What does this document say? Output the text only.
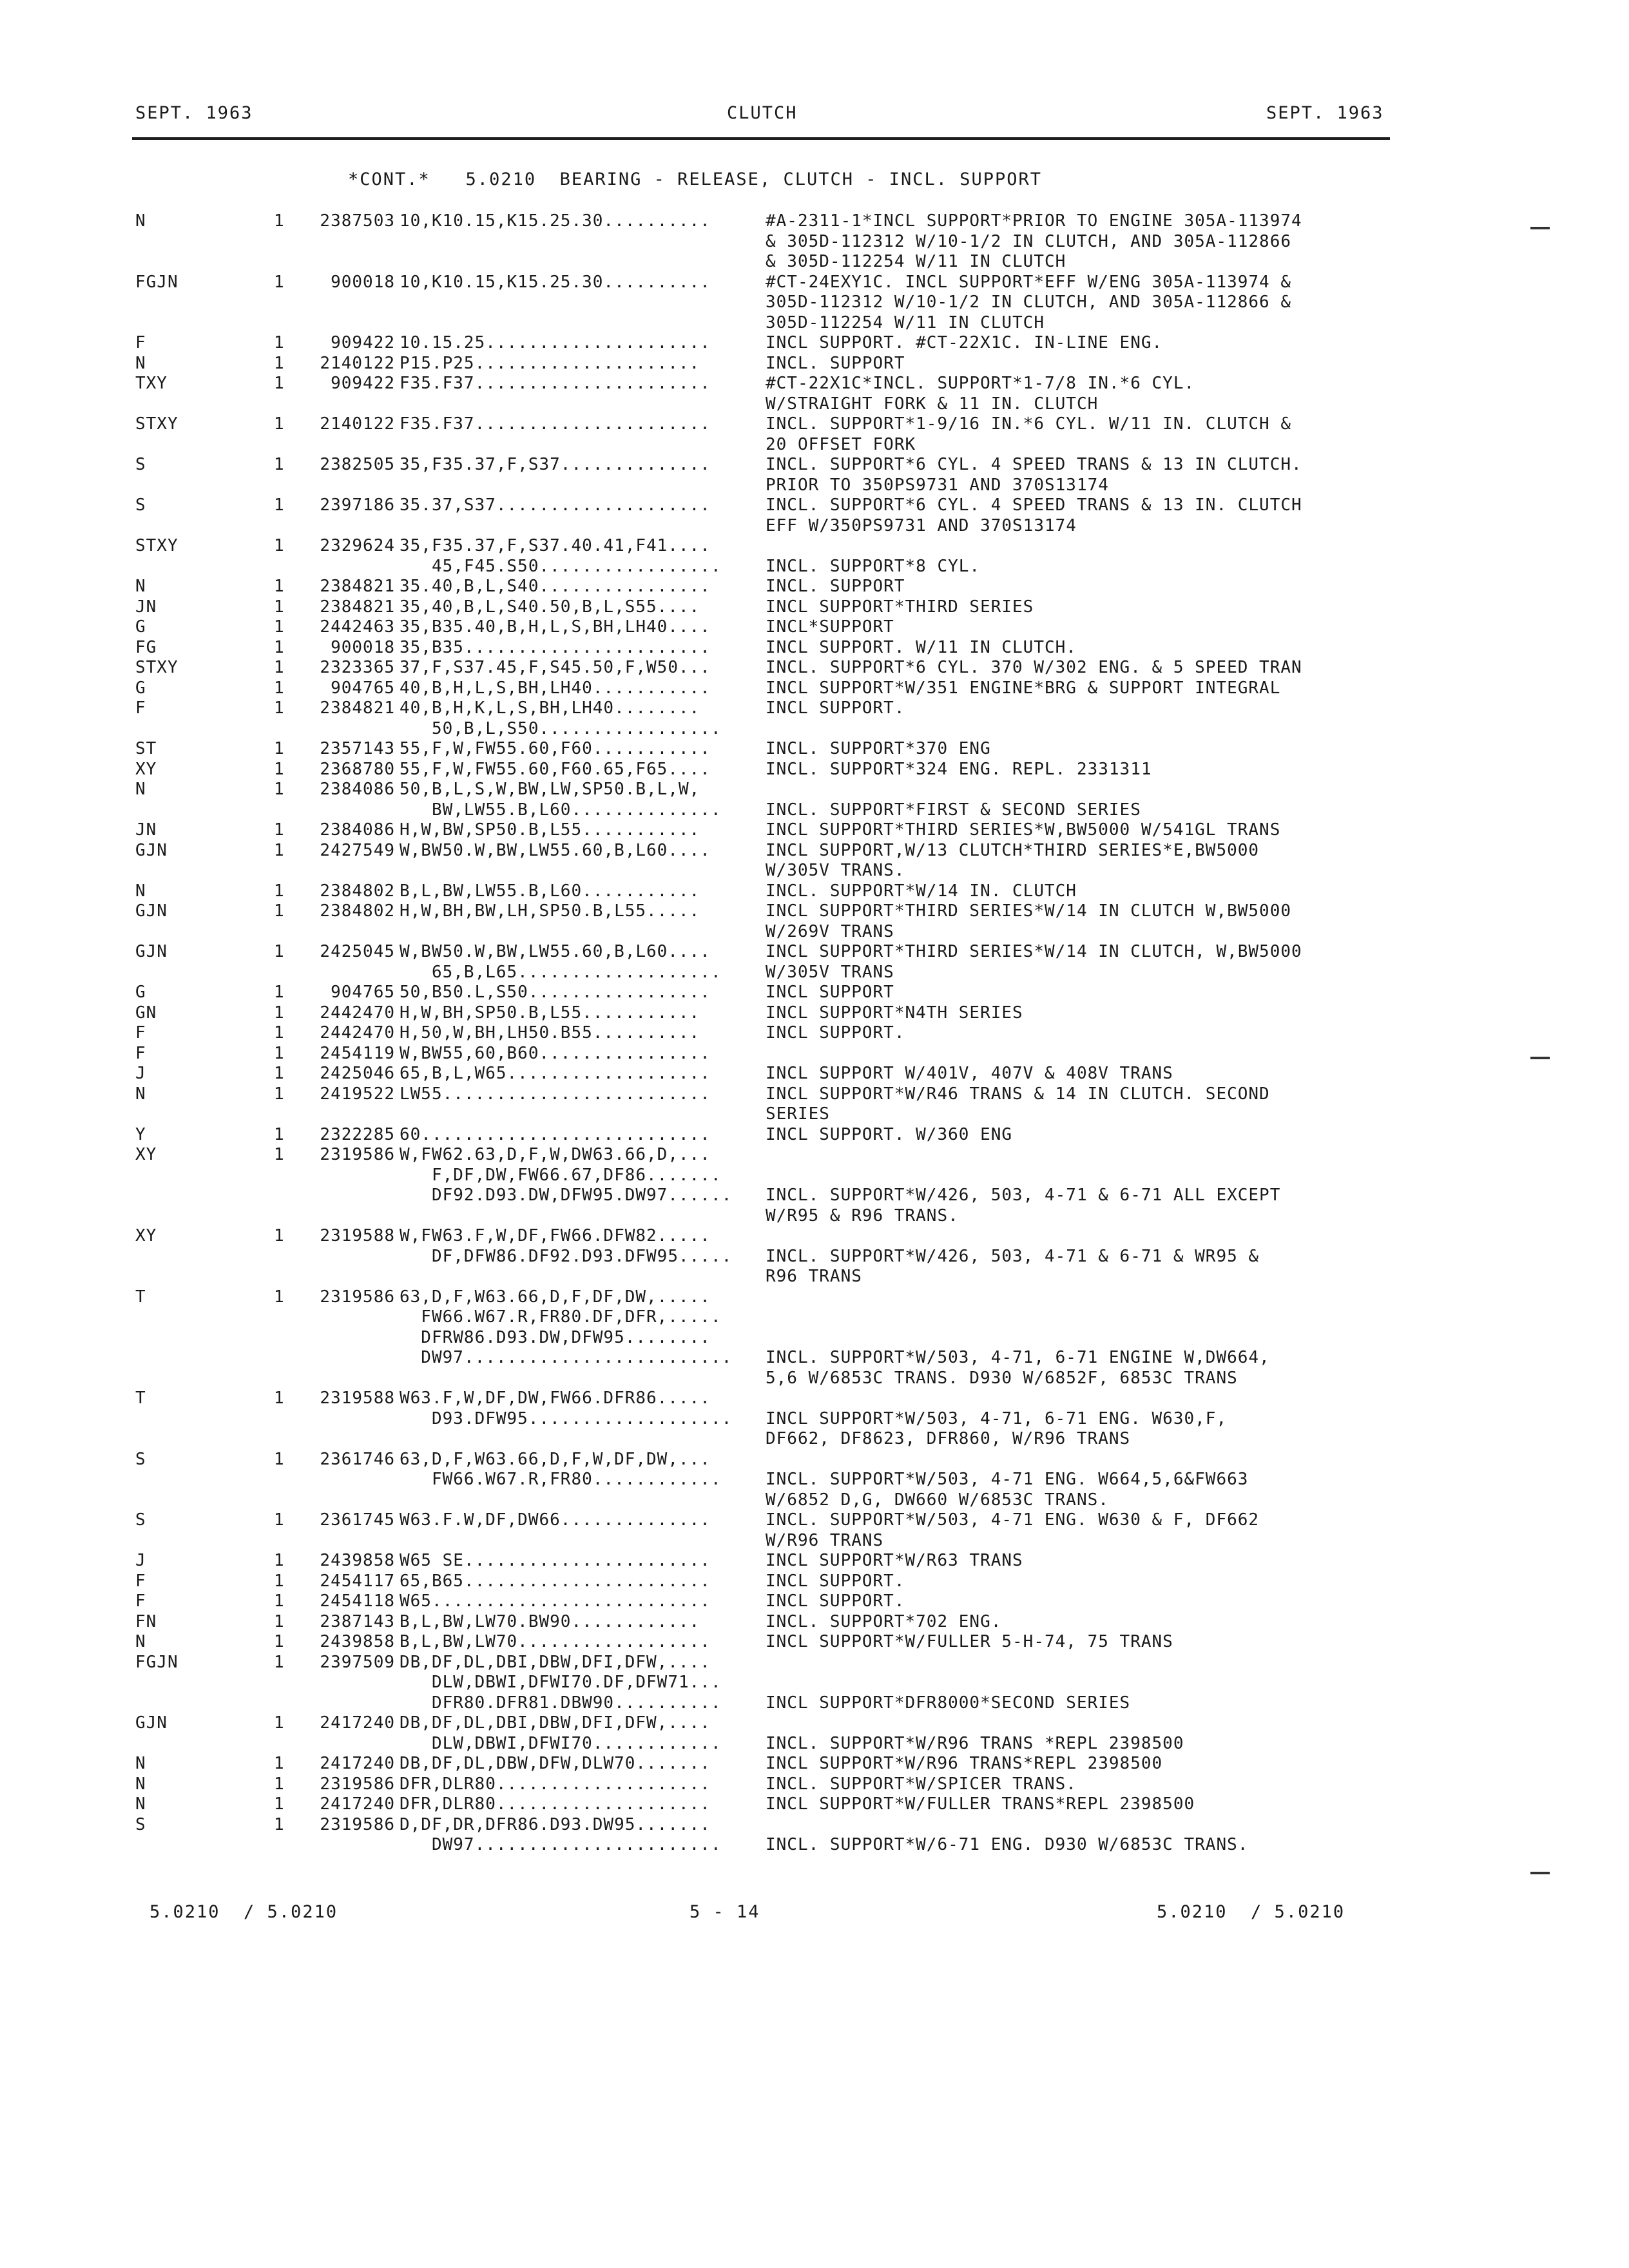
SEPT. 1963	CLUTCH	SEPT. 1963
*CONT.*   5.0210  BEARING - RELEASE, CLUTCH - INCL. SUPPORT
N	1	2387503 10,K10.15,K15.25.30..........	#A-2311-1*INCL SUPPORT*PRIOR TO ENGINE 305A-113974
& 305D-112312 W/10-1/2 IN CLUTCH, AND 305A-112866
& 305D-112254 W/11 IN CLUTCH
FGJN	1	900018 10,K10.15,K15.25.30..........	#CT-24EXY1C. INCL SUPPORT*EFF W/ENG 305A-113974 &
305D-112312 W/10-1/2 IN CLUTCH, AND 305A-112866 &
305D-112254 W/11 IN CLUTCH
F	1	909422 10.15.25.....................	INCL SUPPORT. #CT-22X1C. IN-LINE ENG.
N	1	2140122 P15.P25.....................	INCL. SUPPORT
TXY	1	909422 F35.F37......................	#CT-22X1C*INCL. SUPPORT*1-7/8 IN.*6 CYL.
W/STRAIGHT FORK & 11 IN. CLUTCH
STXY	1	2140122 F35.F37......................	INCL. SUPPORT*1-9/16 IN.*6 CYL. W/11 IN. CLUTCH &
20 OFFSET FORK
S	1	2382505 35,F35.37,F,S37..............	INCL. SUPPORT*6 CYL. 4 SPEED TRANS & 13 IN CLUTCH.
PRIOR TO 350PS9731 AND 370S13174
S	1	2397186 35.37,S37....................	INCL. SUPPORT*6 CYL. 4 SPEED TRANS & 13 IN. CLUTCH
EFF W/350PS9731 AND 370S13174
STXY	1	2329624 35,F35.37,F,S37.40.41,F41....
45,F45.S50.................	INCL. SUPPORT*8 CYL.
N	1	2384821 35.40,B,L,S40................	INCL. SUPPORT
JN	1	2384821 35,40,B,L,S40.50,B,L,S55....	INCL SUPPORT*THIRD SERIES
G	1	2442463 35,B35.40,B,H,L,S,BH,LH40....	INCL*SUPPORT
FG	1	900018 35,B35.......................	INCL SUPPORT. W/11 IN CLUTCH.
STXY	1	2323365 37,F,S37.45,F,S45.50,F,W50...	INCL. SUPPORT*6 CYL. 370 W/302 ENG. & 5 SPEED TRAN
G	1	904765 40,B,H,L,S,BH,LH40...........	INCL SUPPORT*W/351 ENGINE*BRG & SUPPORT INTEGRAL
F	1	2384821 40,B,H,K,L,S,BH,LH40........	INCL SUPPORT.
50,B,L,S50.................
ST	1	2357143 55,F,W,FW55.60,F60...........	INCL. SUPPORT*370 ENG
XY	1	2368780 55,F,W,FW55.60,F60.65,F65....	INCL. SUPPORT*324 ENG. REPL. 2331311
N	1	2384086 50,B,L,S,W,BW,LW,SP50.B,L,W,
BW,LW55.B,L60..............	INCL. SUPPORT*FIRST & SECOND SERIES
JN	1	2384086 H,W,BW,SP50.B,L55...........	INCL SUPPORT*THIRD SERIES*W,BW5000 W/541GL TRANS
GJN	1	2427549 W,BW50.W,BW,LW55.60,B,L60....	INCL SUPPORT,W/13 CLUTCH*THIRD SERIES*E,BW5000
W/305V TRANS.
N	1	2384802 B,L,BW,LW55.B,L60...........	INCL. SUPPORT*W/14 IN. CLUTCH
GJN	1	2384802 H,W,BH,BW,LH,SP50.B,L55.....	INCL SUPPORT*THIRD SERIES*W/14 IN CLUTCH W,BW5000
W/269V TRANS
GJN	1	2425045 W,BW50.W,BW,LW55.60,B,L60....	INCL SUPPORT*THIRD SERIES*W/14 IN CLUTCH, W,BW5000
65,B,L65...................	W/305V TRANS
G	1	904765 50,B50.L,S50.................	INCL SUPPORT
GN	1	2442470 H,W,BH,SP50.B,L55...........	INCL SUPPORT*N4TH SERIES
F	1	2442470 H,50,W,BH,LH50.B55..........	INCL SUPPORT.
F	1	2454119 W,BW55,60,B60................
J	1	2425046 65,B,L,W65...................	INCL SUPPORT W/401V, 407V & 408V TRANS
N	1	2419522 LW55.........................	INCL SUPPORT*W/R46 TRANS & 14 IN CLUTCH. SECOND
SERIES
Y	1	2322285 60...........................	INCL SUPPORT. W/360 ENG
XY	1	2319586 W,FW62.63,D,F,W,DW63.66,D,...
F,DF,DW,FW66.67,DF86.......
DF92.D93.DW,DFW95.DW97...... INCL. SUPPORT*W/426, 503, 4-71 & 6-71 ALL EXCEPT
W/R95 & R96 TRANS.
XY	1	2319588 W,FW63.F,W,DF,FW66.DFW82.....
DF,DFW86.DF92.D93.DFW95..... INCL. SUPPORT*W/426, 503, 4-71 & 6-71 & WR95 &
R96 TRANS
T	1	2319586 63,D,F,W63.66,D,F,DF,DW,.....
FW66.W67.R,FR80.DF,DFR,.....
DFRW86.D93.DW,DFW95........
DW97......................... INCL. SUPPORT*W/503, 4-71, 6-71 ENGINE W,DW664,
5,6 W/6853C TRANS. D930 W/6852F, 6853C TRANS
T	1	2319588 W63.F,W,DF,DW,FW66.DFR86.....
D93.DFW95................... INCL SUPPORT*W/503, 4-71, 6-71 ENG. W630,F,
DF662, DF8623, DFR860, W/R96 TRANS
S	1	2361746 63,D,F,W63.66,D,F,W,DF,DW,...
FW66.W67.R,FR80............	INCL. SUPPORT*W/503, 4-71 ENG. W664,5,6&FW663
W/6852 D,G, DW660 W/6853C TRANS.
S	1	2361745 W63.F.W,DF,DW66..............	INCL. SUPPORT*W/503, 4-71 ENG. W630 & F, DF662
W/R96 TRANS
J	1	2439858 W65 SE.......................	INCL SUPPORT*W/R63 TRANS
F	1	2454117 65,B65.......................	INCL SUPPORT.
F	1	2454118 W65..........................	INCL SUPPORT.
FN	1	2387143 B,L,BW,LW70.BW90............	INCL. SUPPORT*702 ENG.
N	1	2439858 B,L,BW,LW70..................	INCL SUPPORT*W/FULLER 5-H-74, 75 TRANS
FGJN	1	2397509 DB,DF,DL,DBI,DBW,DFI,DFW,....
DLW,DBWI,DFWI70.DF,DFW71...
DFR80.DFR81.DBW90..........	INCL SUPPORT*DFR8000*SECOND SERIES
GJN	1	2417240 DB,DF,DL,DBI,DBW,DFI,DFW,....
DLW,DBWI,DFWI70............	INCL. SUPPORT*W/R96 TRANS *REPL 2398500
N	1	2417240 DB,DF,DL,DBW,DFW,DLW70.......	INCL SUPPORT*W/R96 TRANS*REPL 2398500
N	1	2319586 DFR,DLR80....................	INCL. SUPPORT*W/SPICER TRANS.
N	1	2417240 DFR,DLR80....................	INCL SUPPORT*W/FULLER TRANS*REPL 2398500
S	1	2319586 D,DF,DR,DFR86.D93.DW95.......
DW97.......................	INCL. SUPPORT*W/6-71 ENG. D930 W/6853C TRANS.
5.0210  / 5.0210	5 - 14	5.0210  / 5.0210
